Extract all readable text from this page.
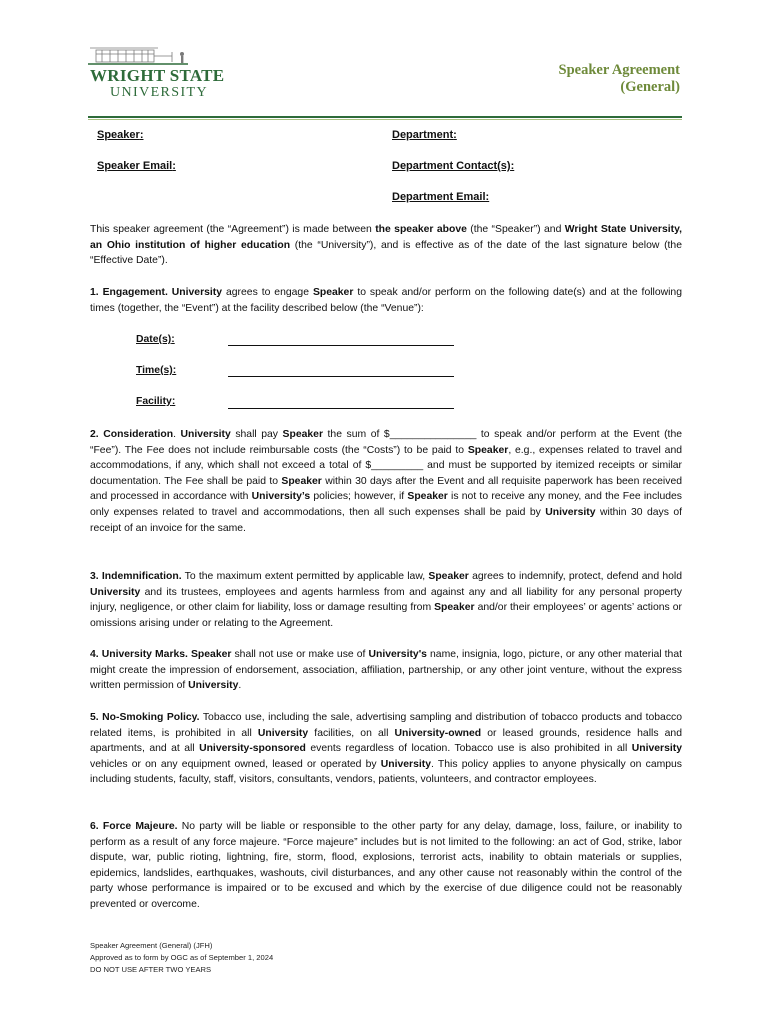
WRIGHT STATE
UNIVERSITY
Speaker Agreement
(General)
Speaker:
Speaker Email:
Department:
Department Contact(s):
Department Email:
This speaker agreement (the “Agreement”) is made between the speaker above (the “Speaker”) and Wright State University, an Ohio institution of higher education (the “University”), and is effective as of the date of the last signature below (the “Effective Date”).
1. Engagement. University agrees to engage Speaker to speak and/or perform on the following date(s) and at the following times (together, the “Event”) at the facility described below (the “Venue”):
Date(s):
Time(s):
Facility:
2. Consideration. University shall pay Speaker the sum of $_______________ to speak and/or perform at the Event (the “Fee”). The Fee does not include reimbursable costs (the “Costs”) to be paid to Speaker, e.g., expenses related to travel and accommodations, if any, which shall not exceed a total of $_________ and must be supported by itemized receipts or similar documentation. The Fee shall be paid to Speaker within 30 days after the Event and all requisite paperwork has been received and processed in accordance with University’s policies; however, if Speaker is not to receive any money, and the Fee includes only expenses related to travel and accommodations, then all such expenses shall be paid by University within 30 days of receipt of an invoice for the same.
3. Indemnification. To the maximum extent permitted by applicable law, Speaker agrees to indemnify, protect, defend and hold University and its trustees, employees and agents harmless from and against any and all liability for any personal property injury, negligence, or other claim for liability, loss or damage resulting from Speaker and/or their employees’ or agents’ actions or omissions arising under or relating to the Agreement.
4. University Marks. Speaker shall not use or make use of University's name, insignia, logo, picture, or any other material that might create the impression of endorsement, association, affiliation, partnership, or any other joint venture, without the express written permission of University.
5. No-Smoking Policy. Tobacco use, including the sale, advertising sampling and distribution of tobacco products and tobacco related items, is prohibited in all University facilities, on all University-owned or leased grounds, residence halls and apartments, and at all University-sponsored events regardless of location. Tobacco use is also prohibited in all University vehicles or on any equipment owned, leased or operated by University. This policy applies to anyone physically on campus including students, faculty, staff, visitors, consultants, vendors, patients, volunteers, and contractor employees.
6. Force Majeure. No party will be liable or responsible to the other party for any delay, damage, loss, failure, or inability to perform as a result of any force majeure. “Force majeure” includes but is not limited to the following: an act of God, strike, labor dispute, war, public rioting, lightning, fire, storm, flood, explosions, terrorist acts, inability to obtain materials or supplies, epidemics, landslides, earthquakes, washouts, civil disturbances, and any other cause not reasonably within the control of the party whose performance is impaired or to be excused and which by the exercise of due diligence could not be reasonably prevented or overcome.
Speaker Agreement (General) (JFH)
Approved as to form by OGC as of September 1, 2024
DO NOT USE AFTER TWO YEARS
